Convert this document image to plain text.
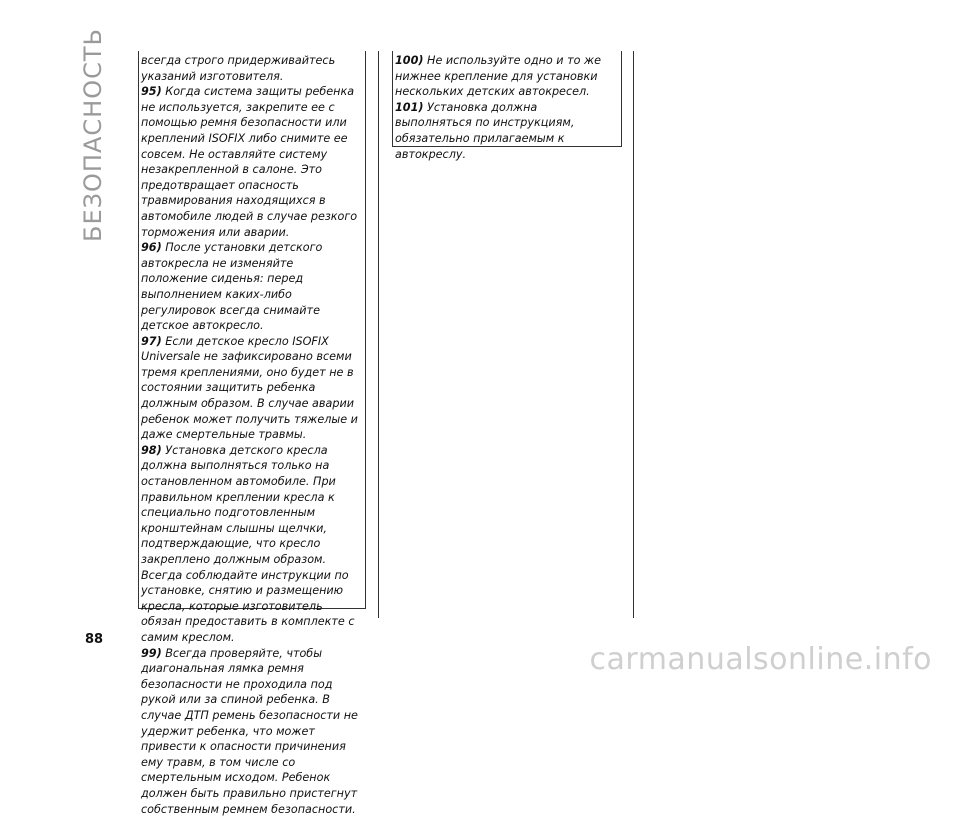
БЕЗОПАСНОСТЬ	всегда строго придерживайтесь указаний изготовителя.

95) Когда система защиты ребенка не используется, закрепите ее с помощью ремня безопасности или креплений ISOFIX либо снимите ее совсем. Не оставляйте систему незакрепленной в салоне. Это предотвращает опасность травмирования находящихся в автомобиле людей в случае резкого торможения или аварии.

96) После установки детского автокресла не изменяйте положение сиденья: перед выполнением каких-либо регулировок всегда снимайте детское автокресло.

97) Если детское кресло ISOFIX Universale не зафиксировано всеми тремя креплениями, оно будет не в состоянии защитить ребенка должным образом. В случае аварии ребенок может получить тяжелые и даже смертельные травмы.

98) Установка детского кресла должна выполняться только на остановленном автомобиле. При правильном креплении кресла к специально подготовленным кронштейнам слышны щелчки, подтверждающие, что кресло закреплено должным образом. Всегда соблюдайте инструкции по установке, снятию и размещению кресла, которые изготовитель обязан предоставить в комплекте с самим креслом.

99) Всегда проверяйте, чтобы диагональная лямка ремня безопасности не проходила под рукой или за спиной ребенка. В случае ДТП ремень безопасности не удержит ребенка, что может привести к опасности причинения ему травм, в том числе со смертельным исходом. Ребенок должен быть правильно пристегнут собственным ремнем безопасности.

100) Не используйте одно и то же нижнее крепление для установки нескольких детских автокресел.

101) Установка должна выполняться по инструкциям, обязательно прилагаемым к автокреслу.

88
carmanualsonline.info
